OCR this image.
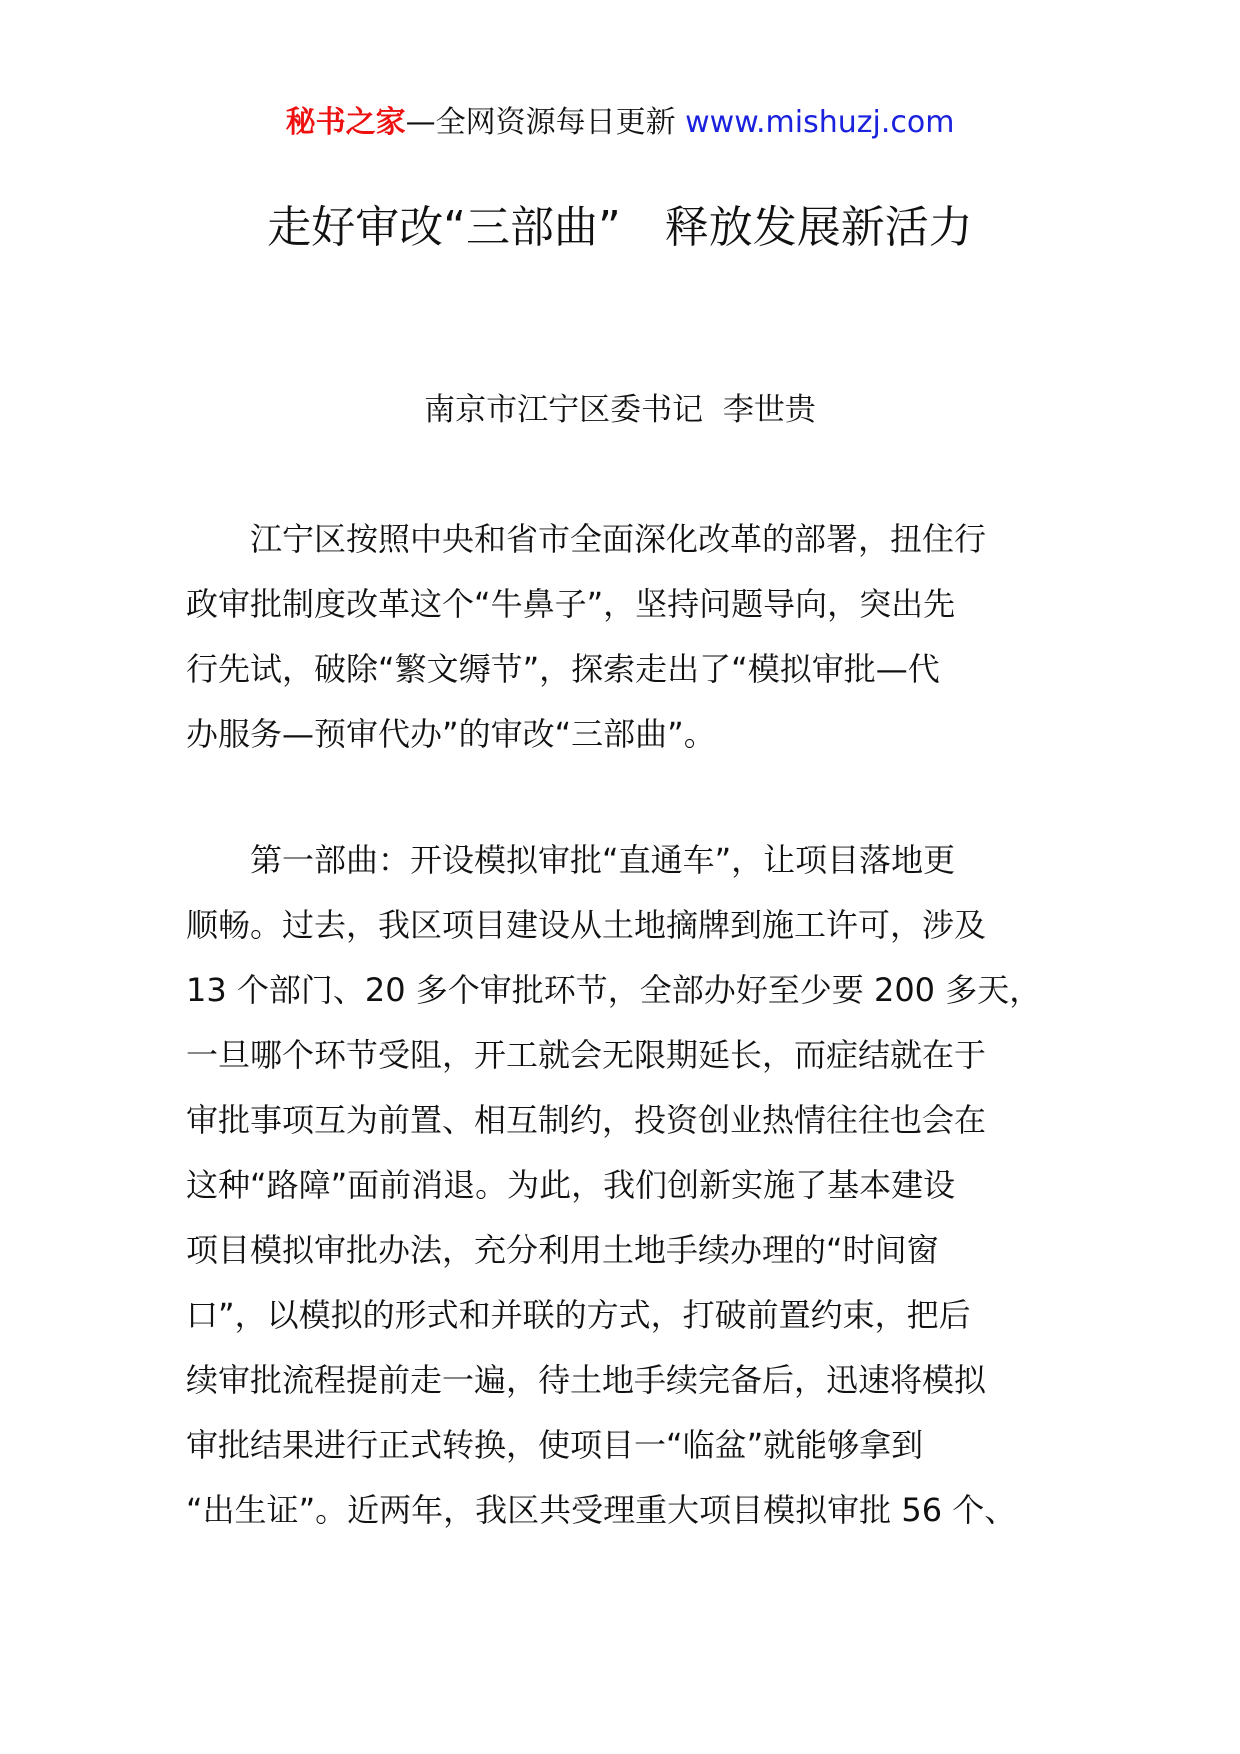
秘书之家—全网资源每日更新 www.mishuzj.com
走好审改“三部曲”　释放发展新活力
南京市江宁区委书记  李世贵
　　江宁区按照中央和省市全面深化改革的部署，扭住行
政审批制度改革这个“牛鼻子”，坚持问题导向，突出先
行先试，破除“繁文缛节”，探索走出了“模拟审批—代
办服务—预审代办”的审改“三部曲”。
　　第一部曲：开设模拟审批“直通车”，让项目落地更
顺畅。过去，我区项目建设从土地摘牌到施工许可，涉及
13 个部门、20 多个审批环节，全部办好至少要 200 多天，
一旦哪个环节受阻，开工就会无限期延长，而症结就在于
审批事项互为前置、相互制约，投资创业热情往往也会在
这种“路障”面前消退。为此，我们创新实施了基本建设
项目模拟审批办法，充分利用土地手续办理的“时间窗
口”，以模拟的形式和并联的方式，打破前置约束，把后
续审批流程提前走一遍，待土地手续完备后，迅速将模拟
审批结果进行正式转换，使项目一“临盆”就能够拿到
“出生证”。近两年，我区共受理重大项目模拟审批 56 个、
